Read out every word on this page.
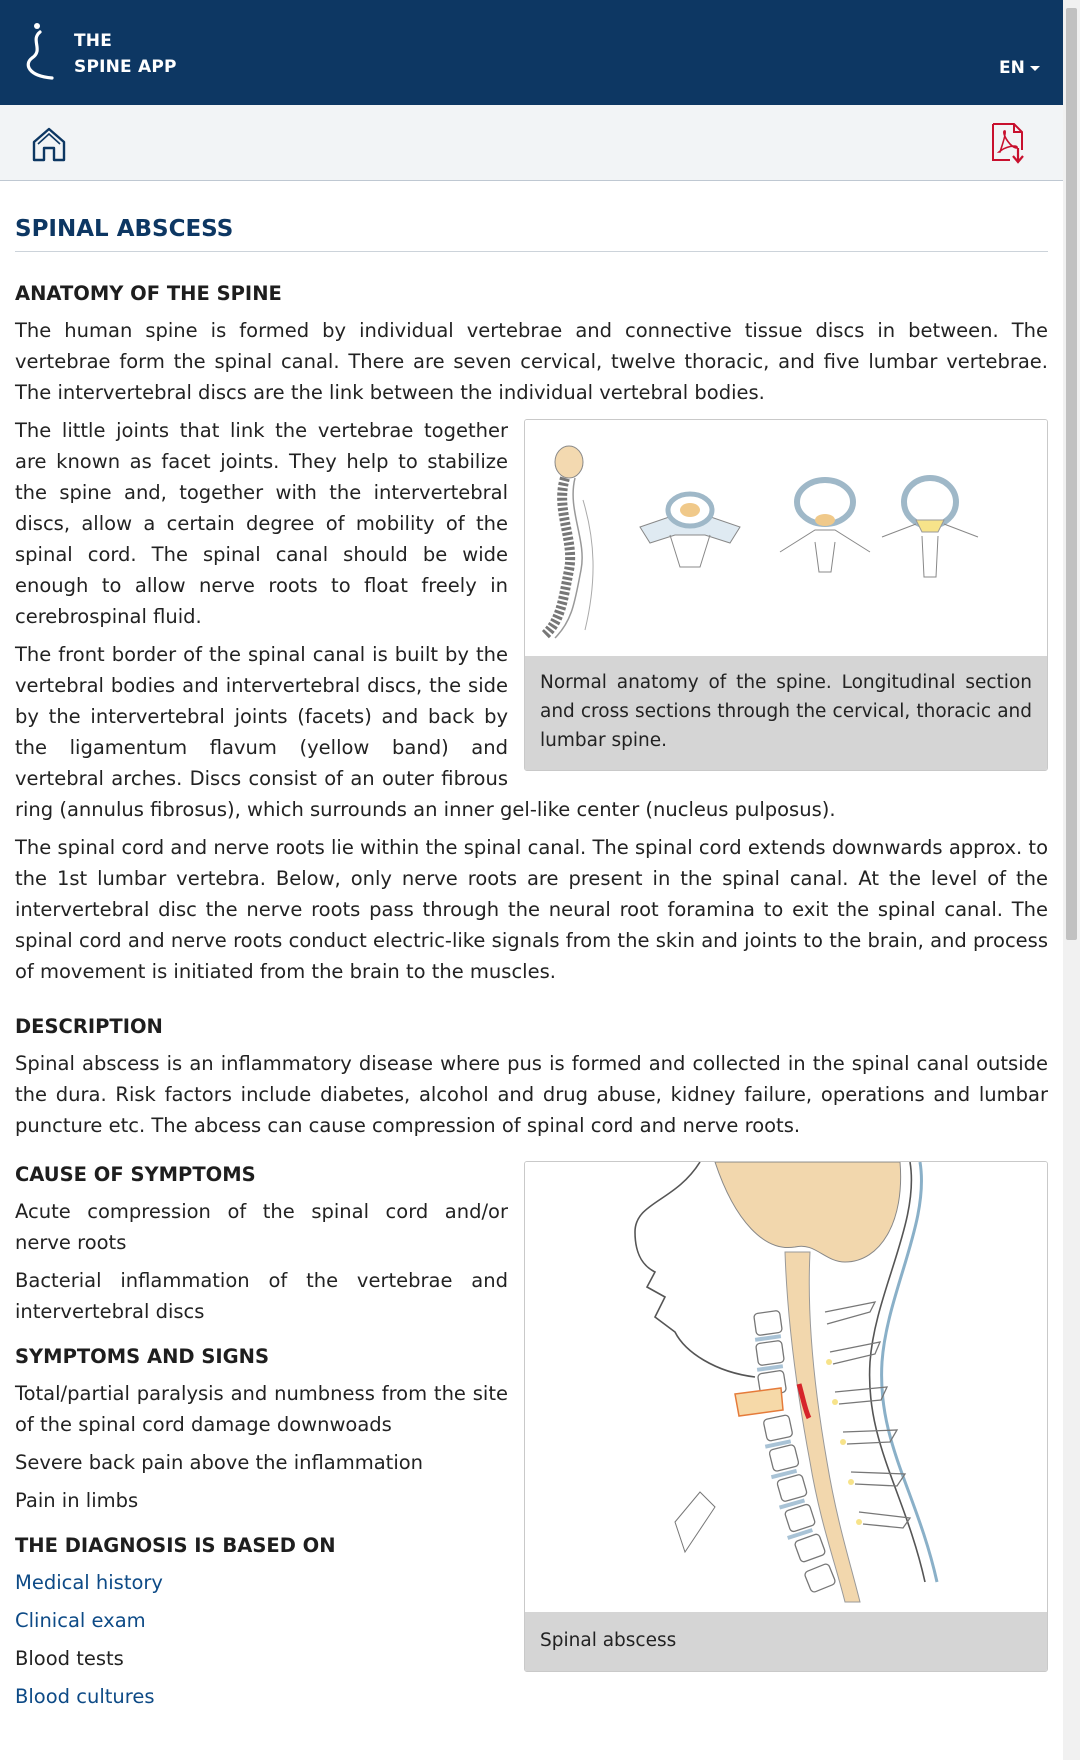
THE
SPINE APP	EN
SPINAL ABSCESS
ANATOMY OF THE SPINE

The human spine is formed by individual vertebrae and connective tissue discs in between. The vertebrae form the spinal canal. There are seven cervical, twelve thoracic, and five lumbar vertebrae. The intervertebral discs are the link between the individual vertebral bodies.

Normal anatomy of the spine. Longitudinal section and cross sections through the cervical, thoracic and lumbar spine.

The little joints that link the vertebrae together are known as facet joints. They help to stabilize the spine and, together with the intervertebral discs, allow a certain degree of mobility of the spinal cord. The spinal canal should be wide enough to allow nerve roots to float freely in cerebrospinal fluid.

The front border of the spinal canal is built by the vertebral bodies and intervertebral discs, the side by the intervertebral joints (facets) and back by the ligamentum flavum (yellow band) and vertebral arches. Discs consist of an outer fibrous ring (annulus fibrosus), which surrounds an inner gel-like center (nucleus pulposus).

The spinal cord and nerve roots lie within the spinal canal. The spinal cord extends downwards approx. to the 1st lumbar vertebra. Below, only nerve roots are present in the spinal canal. At the level of the intervertebral disc the nerve roots pass through the neural root foramina to exit the spinal canal. The spinal cord and nerve roots conduct electric-like signals from the skin and joints to the brain, and process of movement is initiated from the brain to the muscles.

DESCRIPTION

Spinal abscess is an inflammatory disease where pus is formed and collected in the spinal canal outside the dura. Risk factors include diabetes, alcohol and drug abuse, kidney failure, operations and lumbar puncture etc. The abcess can cause compression of spinal cord and nerve roots.

Spinal abscess
CAUSE OF SYMPTOMS
Acute compression of the spinal cord and/or nerve roots
Bacterial inflammation of the vertebrae and intervertebral discs
SYMPTOMS AND SIGNS
Total/partial paralysis and numbness from the site of the spinal cord damage downwoads
Severe back pain above the inflammation
Pain in limbs
THE DIAGNOSIS IS BASED ON
Medical history
Clinical exam
Blood tests
Blood cultures
